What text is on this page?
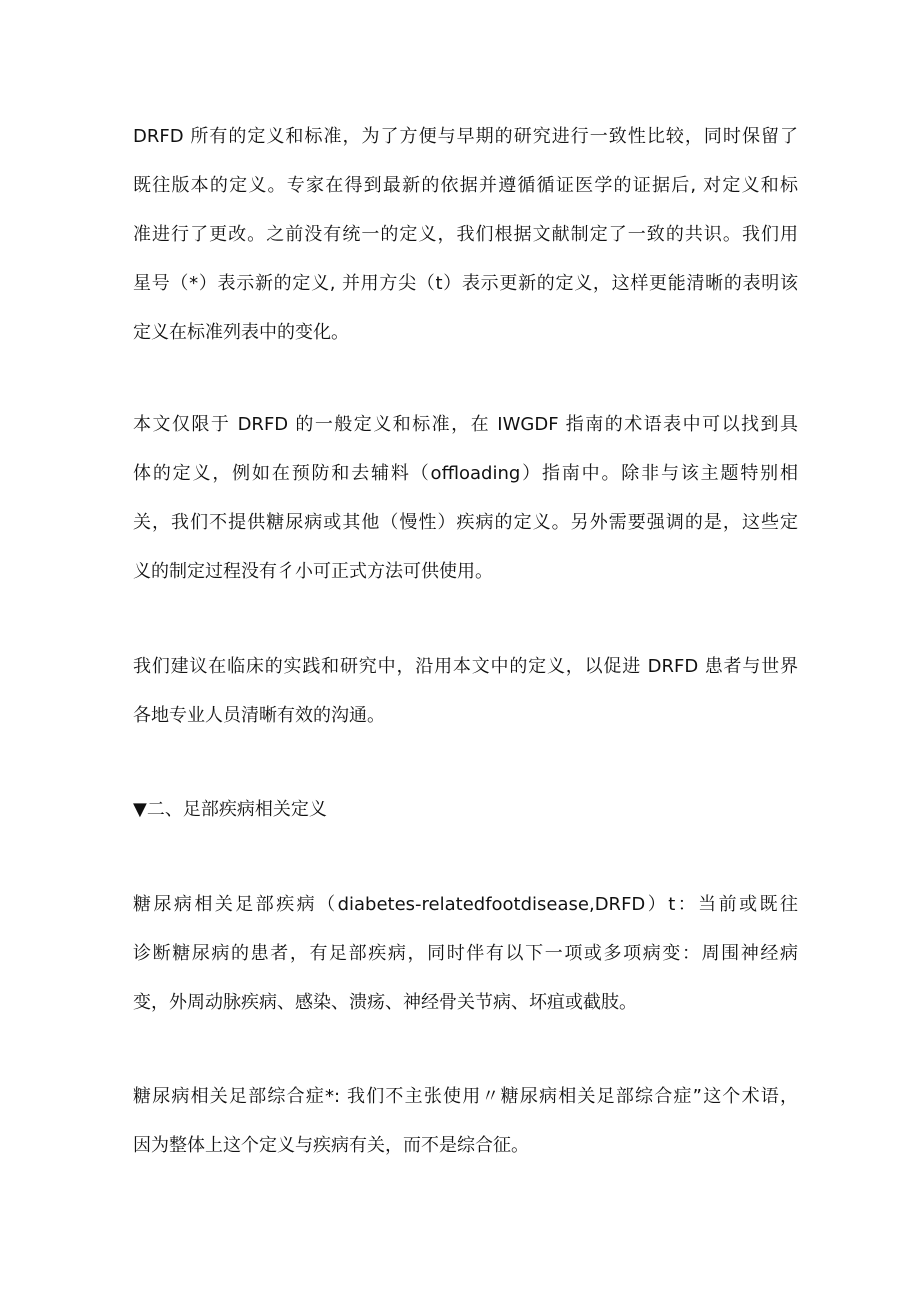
DRFD 所有的定义和标准，为了方便与早期的研究进行一致性比较，同时保留了
既往版本的定义。专家在得到最新的依据并遵循循证医学的证据后, 对定义和标
准进行了更改。之前没有统一的定义，我们根据文献制定了一致的共识。我们用
星号（*）表示新的定义, 并用方尖（t）表示更新的定义，这样更能清晰的表明该
定义在标准列表中的变化。
本文仅限于 DRFD 的一般定义和标准，在 IWGDF 指南的术语表中可以找到具
体的定义，例如在预防和去辅料（offloading）指南中。除非与该主题特别相
关，我们不提供糖尿病或其他（慢性）疾病的定义。另外需要强调的是，这些定
义的制定过程没有彳小可正式方法可供使用。
我们建议在临床的实践和研究中，沿用本文中的定义，以促进 DRFD 患者与世界
各地专业人员清晰有效的沟通。
▼二、足部疾病相关定义
糖尿病相关足部疾病（diabetes-relatedfootdisease,DRFD）t：当前或既往
诊断糖尿病的患者，有足部疾病，同时伴有以下一项或多项病变：周围神经病
变，外周动脉疾病、感染、溃疡、神经骨关节病、坏疽或截肢。
糖尿病相关足部综合症*: 我们不主张使用〃糖尿病相关足部综合症”这个术语，
因为整体上这个定义与疾病有关，而不是综合征。
